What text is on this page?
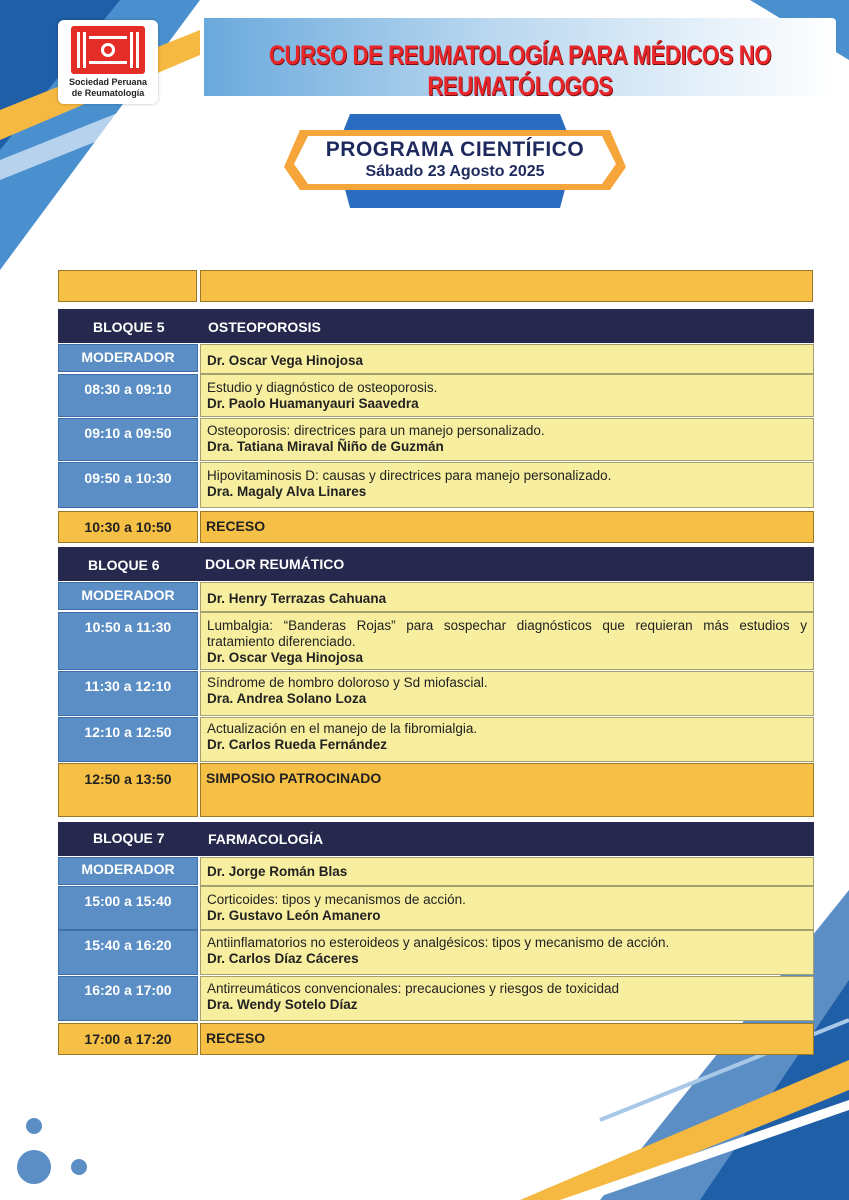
Sociedad Peruana
de Reumatología
CURSO DE REUMATOLOGÍA PARA MÉDICOS NO REUMATÓLOGOS
PROGRAMA CIENTÍFICO
Sábado 23 Agosto 2025
BLOQUE 5	OSTEOPOROSIS
MODERADOR	Dr. Oscar Vega Hinojosa
08:30 a 09:10	Estudio y diagnóstico de osteoporosis.
Dr. Paolo Huamanyauri Saavedra
09:10 a 09:50	Osteoporosis: directrices para un manejo personalizado.
Dra. Tatiana Miraval Ñiño de Guzmán
09:50 a 10:30	Hipovitaminosis D: causas y directrices para manejo personalizado.
Dra. Magaly Alva Linares
10:30 a 10:50	RECESO
BLOQUE 6	DOLOR REUMÁTICO
MODERADOR	Dr. Henry Terrazas Cahuana
10:50 a 11:30	Lumbalgia: “Banderas Rojas” para sospechar diagnósticos que requieran más estudios y tratamiento diferenciado.
Dr. Oscar Vega Hinojosa
11:30 a 12:10	Síndrome de hombro doloroso y Sd miofascial.
Dra. Andrea Solano Loza
12:10 a 12:50	Actualización en el manejo de la fibromialgia.
Dr. Carlos Rueda Fernández
12:50 a 13:50	SIMPOSIO PATROCINADO
BLOQUE 7	FARMACOLOGÍA
MODERADOR	Dr. Jorge Román Blas
15:00 a 15:40	Corticoides: tipos y mecanismos de acción.
Dr. Gustavo León Amanero
15:40 a 16:20	Antiinflamatorios no esteroideos y analgésicos: tipos y mecanismo de acción.
Dr. Carlos Díaz Cáceres
16:20 a 17:00	Antirreumáticos convencionales: precauciones y riesgos de toxicidad
Dra. Wendy Sotelo Díaz
17:00 a 17:20	RECESO
